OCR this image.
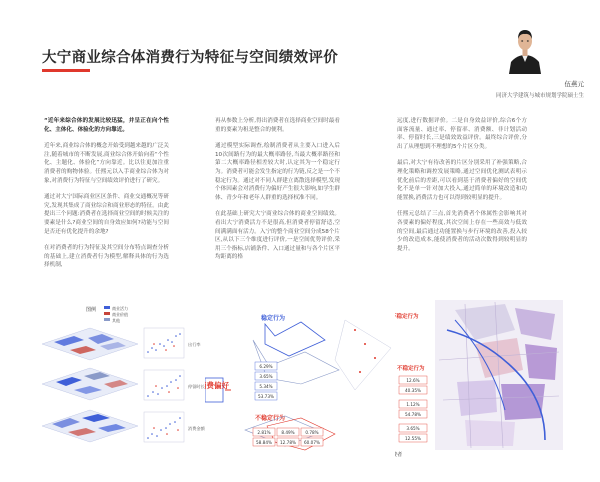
大宁商业综合体消费行为特征与空间绩效评价
伍燕元
同济大学建筑与城市规划学院硕士生

“近年来综合体的发展比较迅猛，并呈正在向个性化、主体化、体验化的方向靠近。

近年来,商业综合体的概念开始受到越来越的广泛关注,随着城市的不断发展,商业综合体开始向着“个性化、主题化、体验化”方向靠近。比以往更加注重消费者的购物体验。任熙元以入手商业综合体为对象,对消费行为特征与空间绩效评价进行了研究。

通过对大宁国际商业区区条件、商业交通概况等研究,发现其集成了商业综合和商业形态的特征。由此提出三个问题:消费者在选择商业空间的时候关注的要素是什么?商业空间的自身效应如何?功能与空间是否还有优化提升的余地?

在对消费者的行为特征及其空间分布特点调查分析的基础上,建立消费者行为模型,解释具体的行为选择机制,

再从参数上分析,得出消费者在选择商业空间时最看重的要素为租是整合的便利。

通过模型实际调查,绘制消费者从主要入口进入后10次间路行为的最大概率路径,当最大概率路径和第二大概率路径相差较大时,认定其为一个稳定行为。消费者可能会发生指定的行为链,反之是一个不稳定行为。通过对不同人群建立离散选择模型,发现个体因素会对消费行为偏好产生很大影响,如学生群体、青少年和老年人群重的选择权准不同。

在此基础上研究大宁商业综合体的商业空间绩效。看出大宁消费活力不是很高,但消费者停留舒适,空间满满面有活力。入宁的整个商业空间分成58个片区,从以下三个维度进行评价,一是空间优势评价,采用三个指标,店铺条件、入口通过量和与各个片区平均距离的格

远度,进行数据评价。二是自身效益评价,综合6个方面客流量、通过率、停留率、消费额、非计划活动率、停留时长,三是绩效效益评价。最终综合评价,分出了从理想到不理想的5个片区分类。

最后,对大宁有待改善的片区分别采用了补强策略,合理化策略和调控发展策略,通过空间优化测试表明示优化前后的差距,可以看到基于消费者偏好的空间优化不是单一针对加大投入,通过简单的环境改造和功能置换,消费活力也可以得到较明显的提升。

任熙元总结了三点,首先消费者个体属性会影响其对各要素的偏好程度,其次空间上存在一些高效与低效的空间,最后通过功能置换与步行环境的改善,投入较少的改造成本,能使消费者的活动次数得到较明显的提升。

图例	商业活力
商业价值
其他
出行率
停留时长
消费金额
费偏好
稳定行为
6.29%
3.65%
5.34%
53.73%
不稳定行为
2.81%	8.49%	0.78%
58.84% 12.78% 60.07%
稳定行为
不稳定行为
12.6%
40.35%
1.12%
54.78%
3.65%
12.55%
者
